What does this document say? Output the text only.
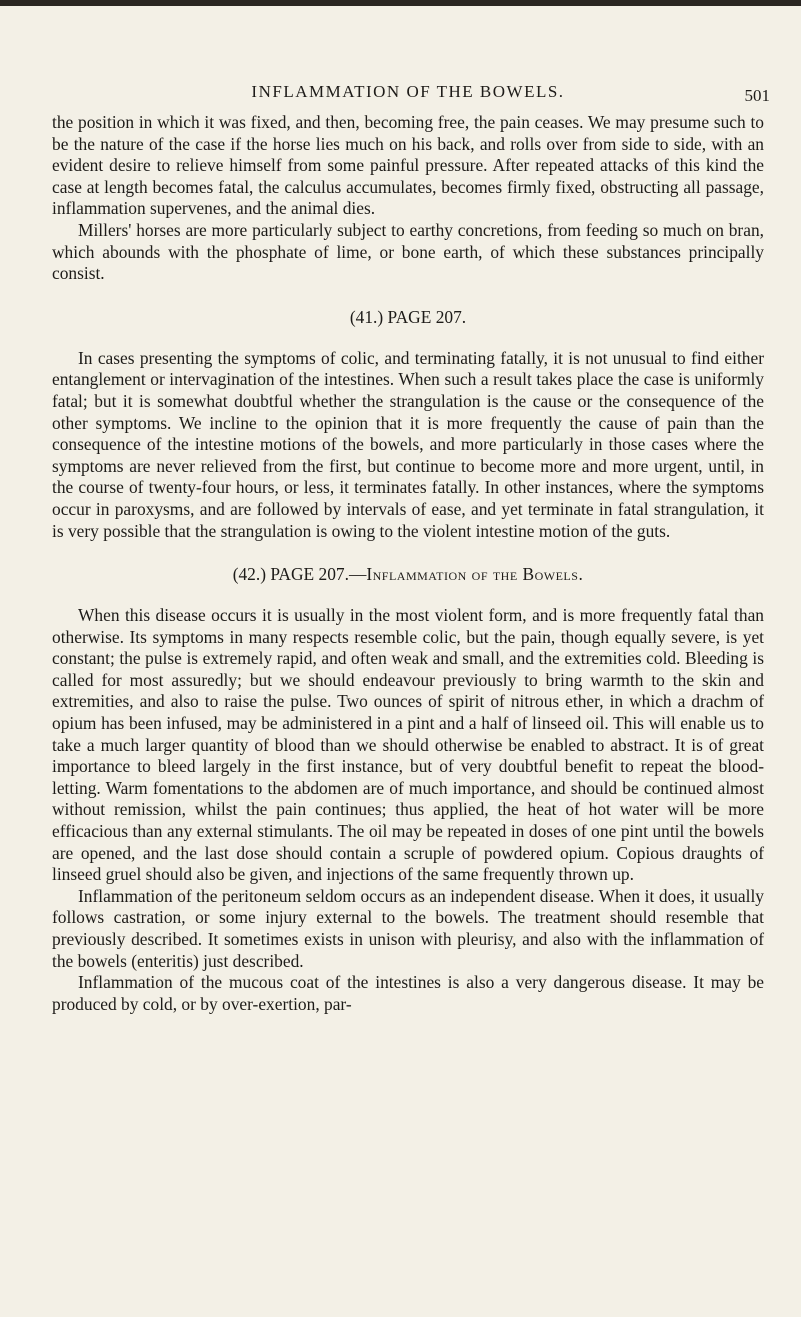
INFLAMMATION OF THE BOWELS.	501

the position in which it was fixed, and then, becoming free, the pain ceases. We may presume such to be the nature of the case if the horse lies much on his back, and rolls over from side to side, with an evident desire to relieve himself from some painful pressure. After repeated attacks of this kind the case at length becomes fatal, the calculus accumulates, becomes firmly fixed, obstructing all passage, inflammation supervenes, and the animal dies.

Millers' horses are more particularly subject to earthy concretions, from feeding so much on bran, which abounds with the phosphate of lime, or bone earth, of which these substances principally consist.

(41.) PAGE 207.

In cases presenting the symptoms of colic, and terminating fatally, it is not unusual to find either entanglement or intervagination of the intestines. When such a result takes place the case is uniformly fatal; but it is somewhat doubtful whether the strangulation is the cause or the consequence of the other symptoms. We incline to the opinion that it is more frequently the cause of pain than the consequence of the intestine motions of the bowels, and more particularly in those cases where the symptoms are never relieved from the first, but continue to become more and more urgent, until, in the course of twenty-four hours, or less, it terminates fatally. In other instances, where the symptoms occur in paroxysms, and are followed by intervals of ease, and yet terminate in fatal strangulation, it is very possible that the strangulation is owing to the violent intestine motion of the guts.

(42.) PAGE 207.—Inflammation of the Bowels.

When this disease occurs it is usually in the most violent form, and is more frequently fatal than otherwise. Its symptoms in many respects resemble colic, but the pain, though equally severe, is yet constant; the pulse is extremely rapid, and often weak and small, and the extremities cold. Bleeding is called for most assuredly; but we should endeavour previously to bring warmth to the skin and extremities, and also to raise the pulse. Two ounces of spirit of nitrous ether, in which a drachm of opium has been infused, may be administered in a pint and a half of linseed oil. This will enable us to take a much larger quantity of blood than we should otherwise be enabled to abstract. It is of great importance to bleed largely in the first instance, but of very doubtful benefit to repeat the blood-letting. Warm fomentations to the abdomen are of much importance, and should be continued almost without remission, whilst the pain continues; thus applied, the heat of hot water will be more efficacious than any external stimulants. The oil may be repeated in doses of one pint until the bowels are opened, and the last dose should contain a scruple of powdered opium. Copious draughts of linseed gruel should also be given, and injections of the same frequently thrown up.

Inflammation of the peritoneum seldom occurs as an independent disease. When it does, it usually follows castration, or some injury external to the bowels. The treatment should resemble that previously described. It sometimes exists in unison with pleurisy, and also with the inflammation of the bowels (enteritis) just described.

Inflammation of the mucous coat of the intestines is also a very dangerous disease. It may be produced by cold, or by over-exertion, par-
